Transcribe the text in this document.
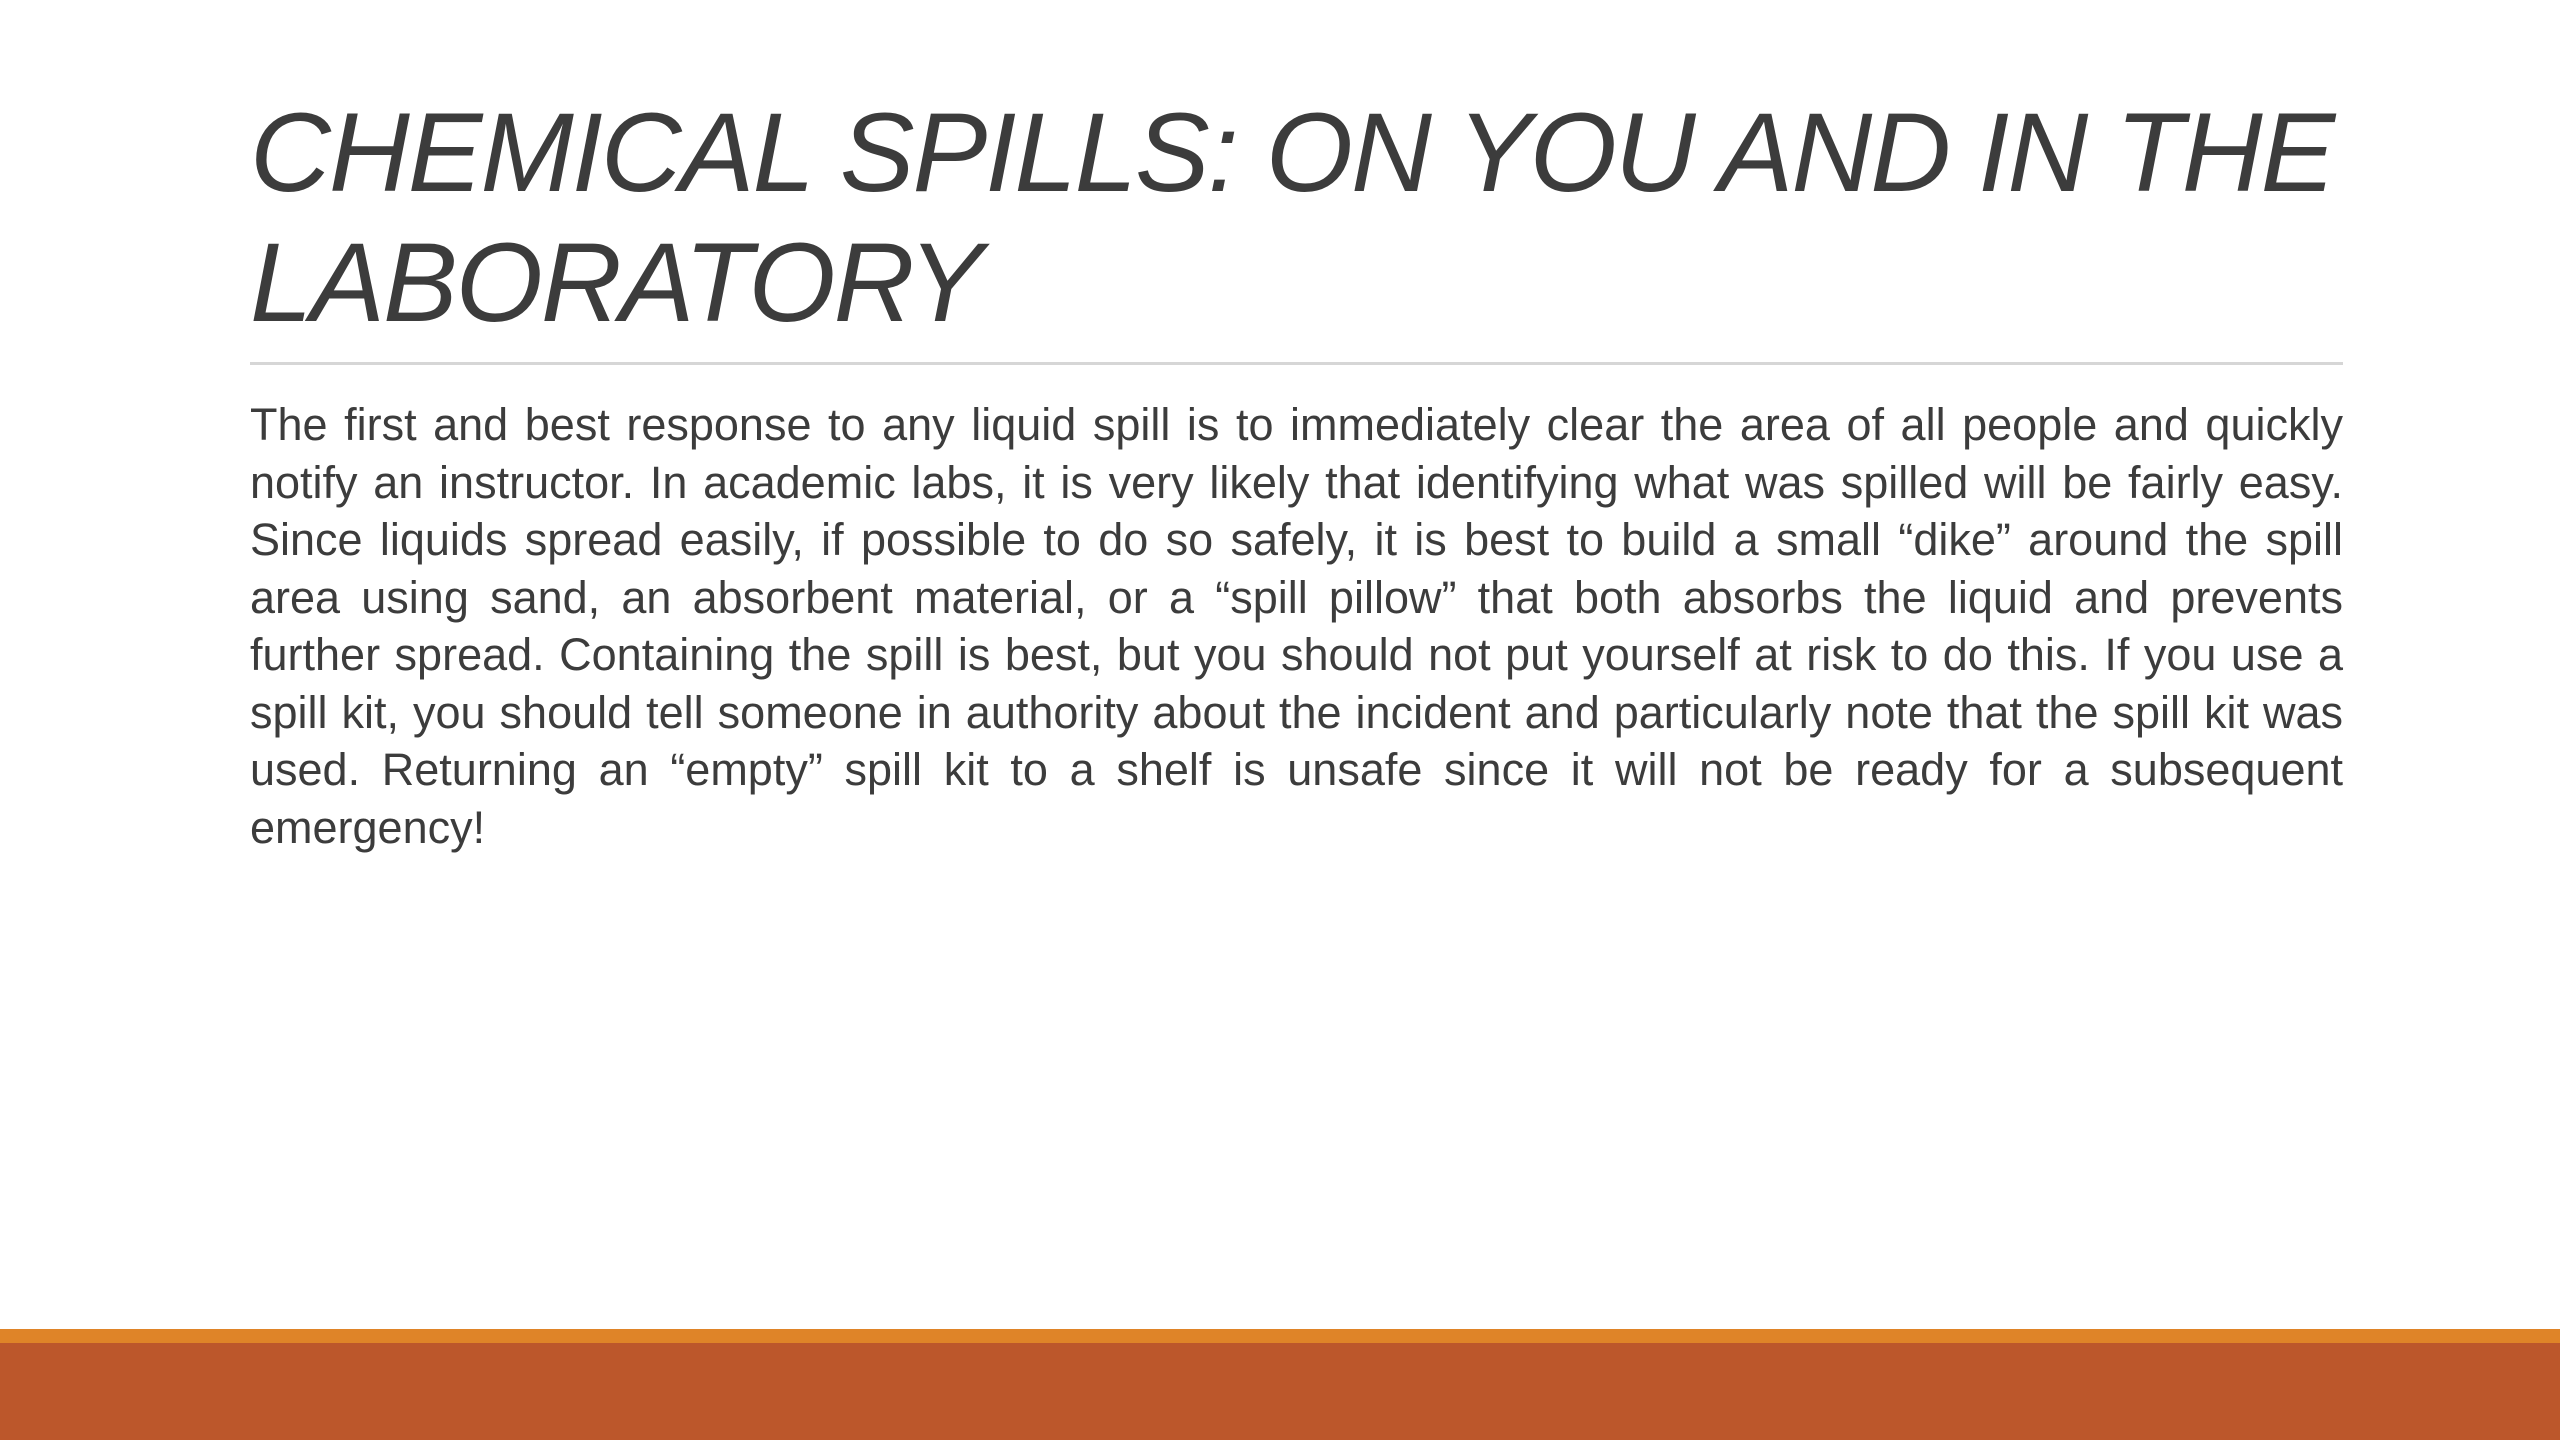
CHEMICAL SPILLS: ON YOU AND IN THE LABORATORY

The first and best response to any liquid spill is to immediately clear the area of all people and quickly notify an instructor. In academic labs, it is very likely that identifying what was spilled will be fairly easy. Since liquids spread easily, if possible to do so safely, it is best to build a small “dike” around the spill area using sand, an absorbent material, or a “spill pillow” that both absorbs the liquid and prevents further spread. Containing the spill is best, but you should not put yourself at risk to do this. If you use a spill kit, you should tell someone in authority about the incident and particularly note that the spill kit was used. Returning an “empty” spill kit to a shelf is unsafe since it will not be ready for a subsequent emergency!
